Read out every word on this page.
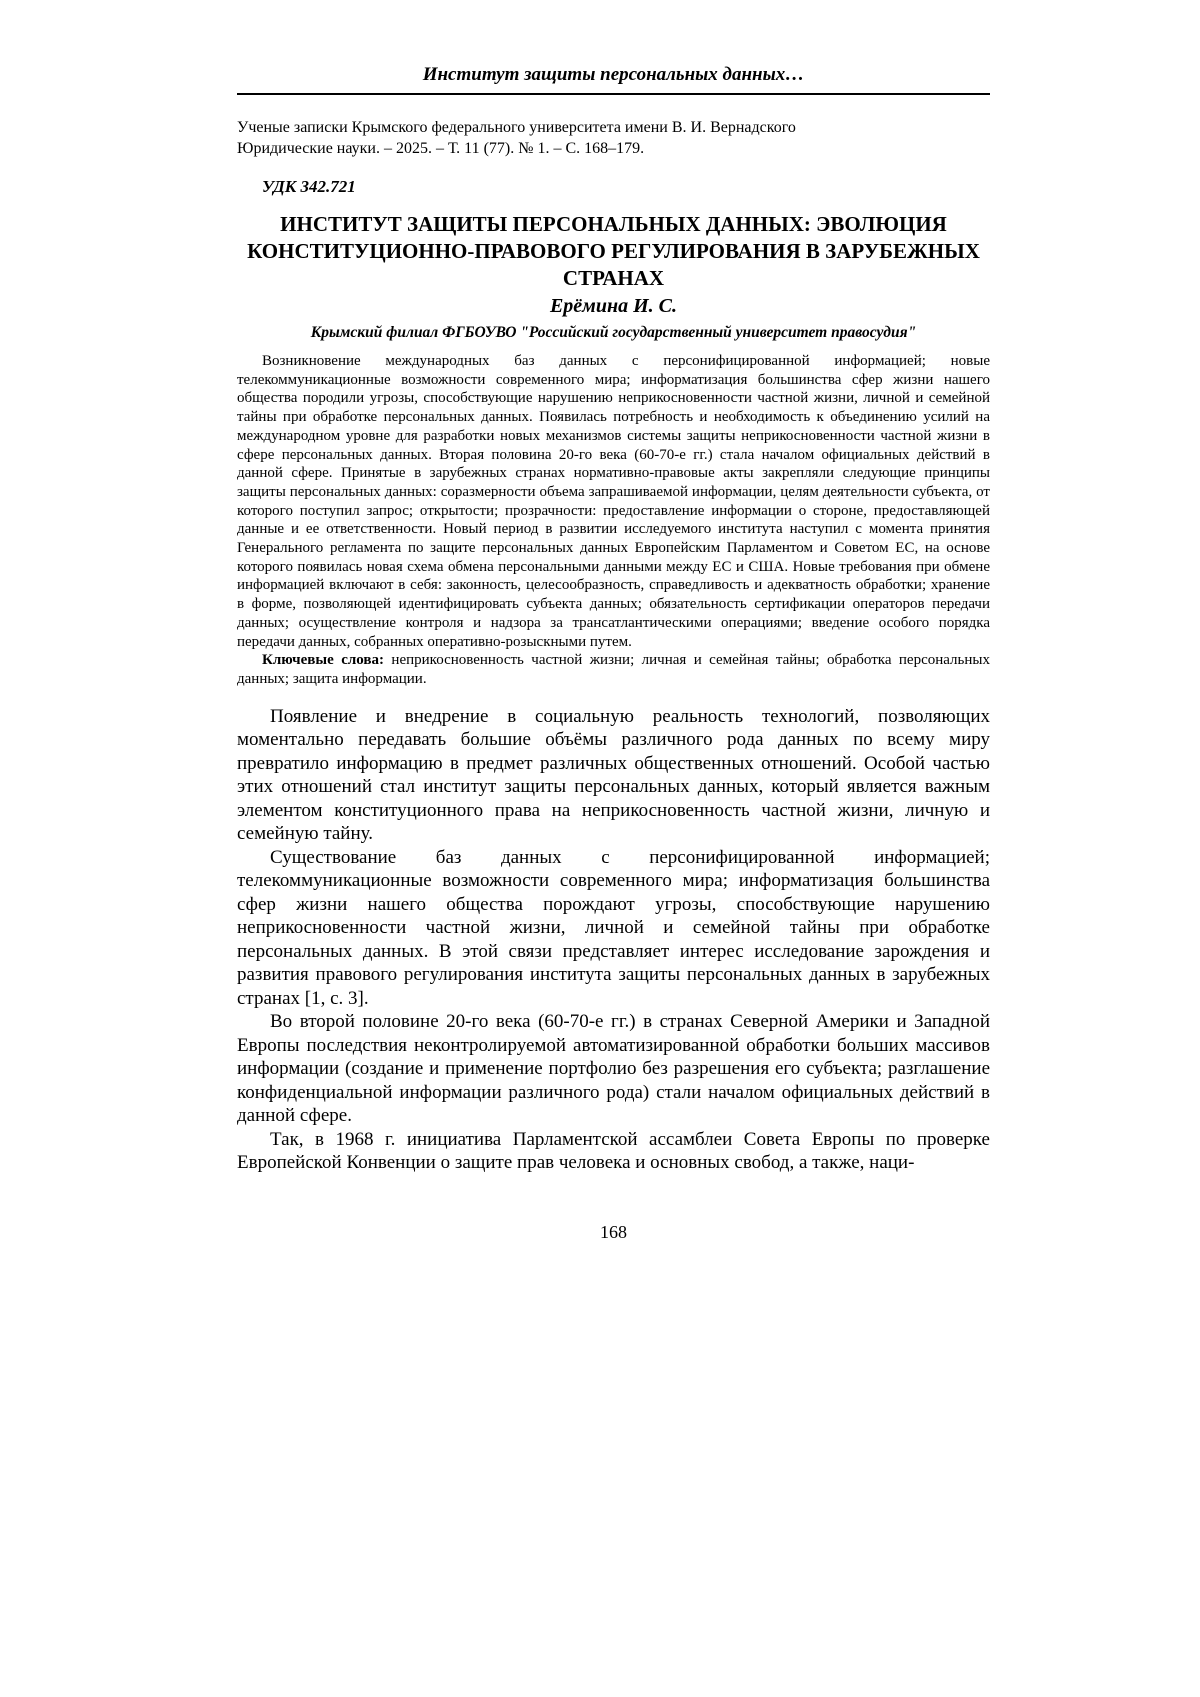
Институт защиты персональных данных…
Ученые записки Крымского федерального университета имени В. И. Вернадского
Юридические науки. – 2025. – Т. 11 (77). № 1. – С. 168–179.
УДК 342.721
ИНСТИТУТ ЗАЩИТЫ ПЕРСОНАЛЬНЫХ ДАННЫХ: ЭВОЛЮЦИЯ КОНСТИТУЦИОННО-ПРАВОВОГО РЕГУЛИРОВАНИЯ В ЗАРУБЕЖНЫХ СТРАНАХ
Ерёмина И. С.
Крымский филиал ФГБОУВО "Российский государственный университет правосудия"

Возникновение международных баз данных с персонифицированной информацией; новые телекоммуникационные возможности современного мира; информатизация большинства сфер жизни нашего общества породили угрозы, способствующие нарушению неприкосновенности частной жизни, личной и семейной тайны при обработке персональных данных. Появилась потребность и необходимость к объединению усилий на международном уровне для разработки новых механизмов системы защиты неприкосновенности частной жизни в сфере персональных данных. Вторая половина 20-го века (60-70-е гг.) стала началом официальных действий в данной сфере. Принятые в зарубежных странах нормативно-правовые акты закрепляли следующие принципы защиты персональных данных: соразмерности объема запрашиваемой информации, целям деятельности субъекта, от которого поступил запрос; открытости; прозрачности: предоставление информации о стороне, предоставляющей данные и ее ответственности. Новый период в развитии исследуемого института наступил с момента принятия Генерального регламента по защите персональных данных Европейским Парламентом и Советом ЕС, на основе которого появилась новая схема обмена персональными данными между ЕС и США. Новые требования при обмене информацией включают в себя: законность, целесообразность, справедливость и адекватность обработки; хранение в форме, позволяющей идентифицировать субъекта данных; обязательность сертификации операторов передачи данных; осуществление контроля и надзора за трансатлантическими операциями; введение особого порядка передачи данных, собранных оперативно-розыскными путем.

Ключевые слова: неприкосновенность частной жизни; личная и семейная тайны; обработка персональных данных; защита информации.

Появление и внедрение в социальную реальность технологий, позволяющих моментально передавать большие объёмы различного рода данных по всему миру превратило информацию в предмет различных общественных отношений. Особой частью этих отношений стал институт защиты персональных данных, который является важным элементом конституционного права на неприкосновенность частной жизни, личную и семейную тайну.

Существование баз данных с персонифицированной информацией; телекоммуникационные возможности современного мира; информатизация большинства сфер жизни нашего общества порождают угрозы, способствующие нарушению неприкосновенности частной жизни, личной и семейной тайны при обработке персональных данных. В этой связи представляет интерес исследование зарождения и развития правового регулирования института защиты персональных данных в зарубежных странах [1, с. 3].

Во второй половине 20-го века (60-70-е гг.) в странах Северной Америки и Западной Европы последствия неконтролируемой автоматизированной обработки больших массивов информации (создание и применение портфолио без разрешения его субъекта; разглашение конфиденциальной информации различного рода) стали началом официальных действий в данной сфере.

Так, в 1968 г. инициатива Парламентской ассамблеи Совета Европы по проверке Европейской Конвенции о защите прав человека и основных свобод, а также, наци-

168
